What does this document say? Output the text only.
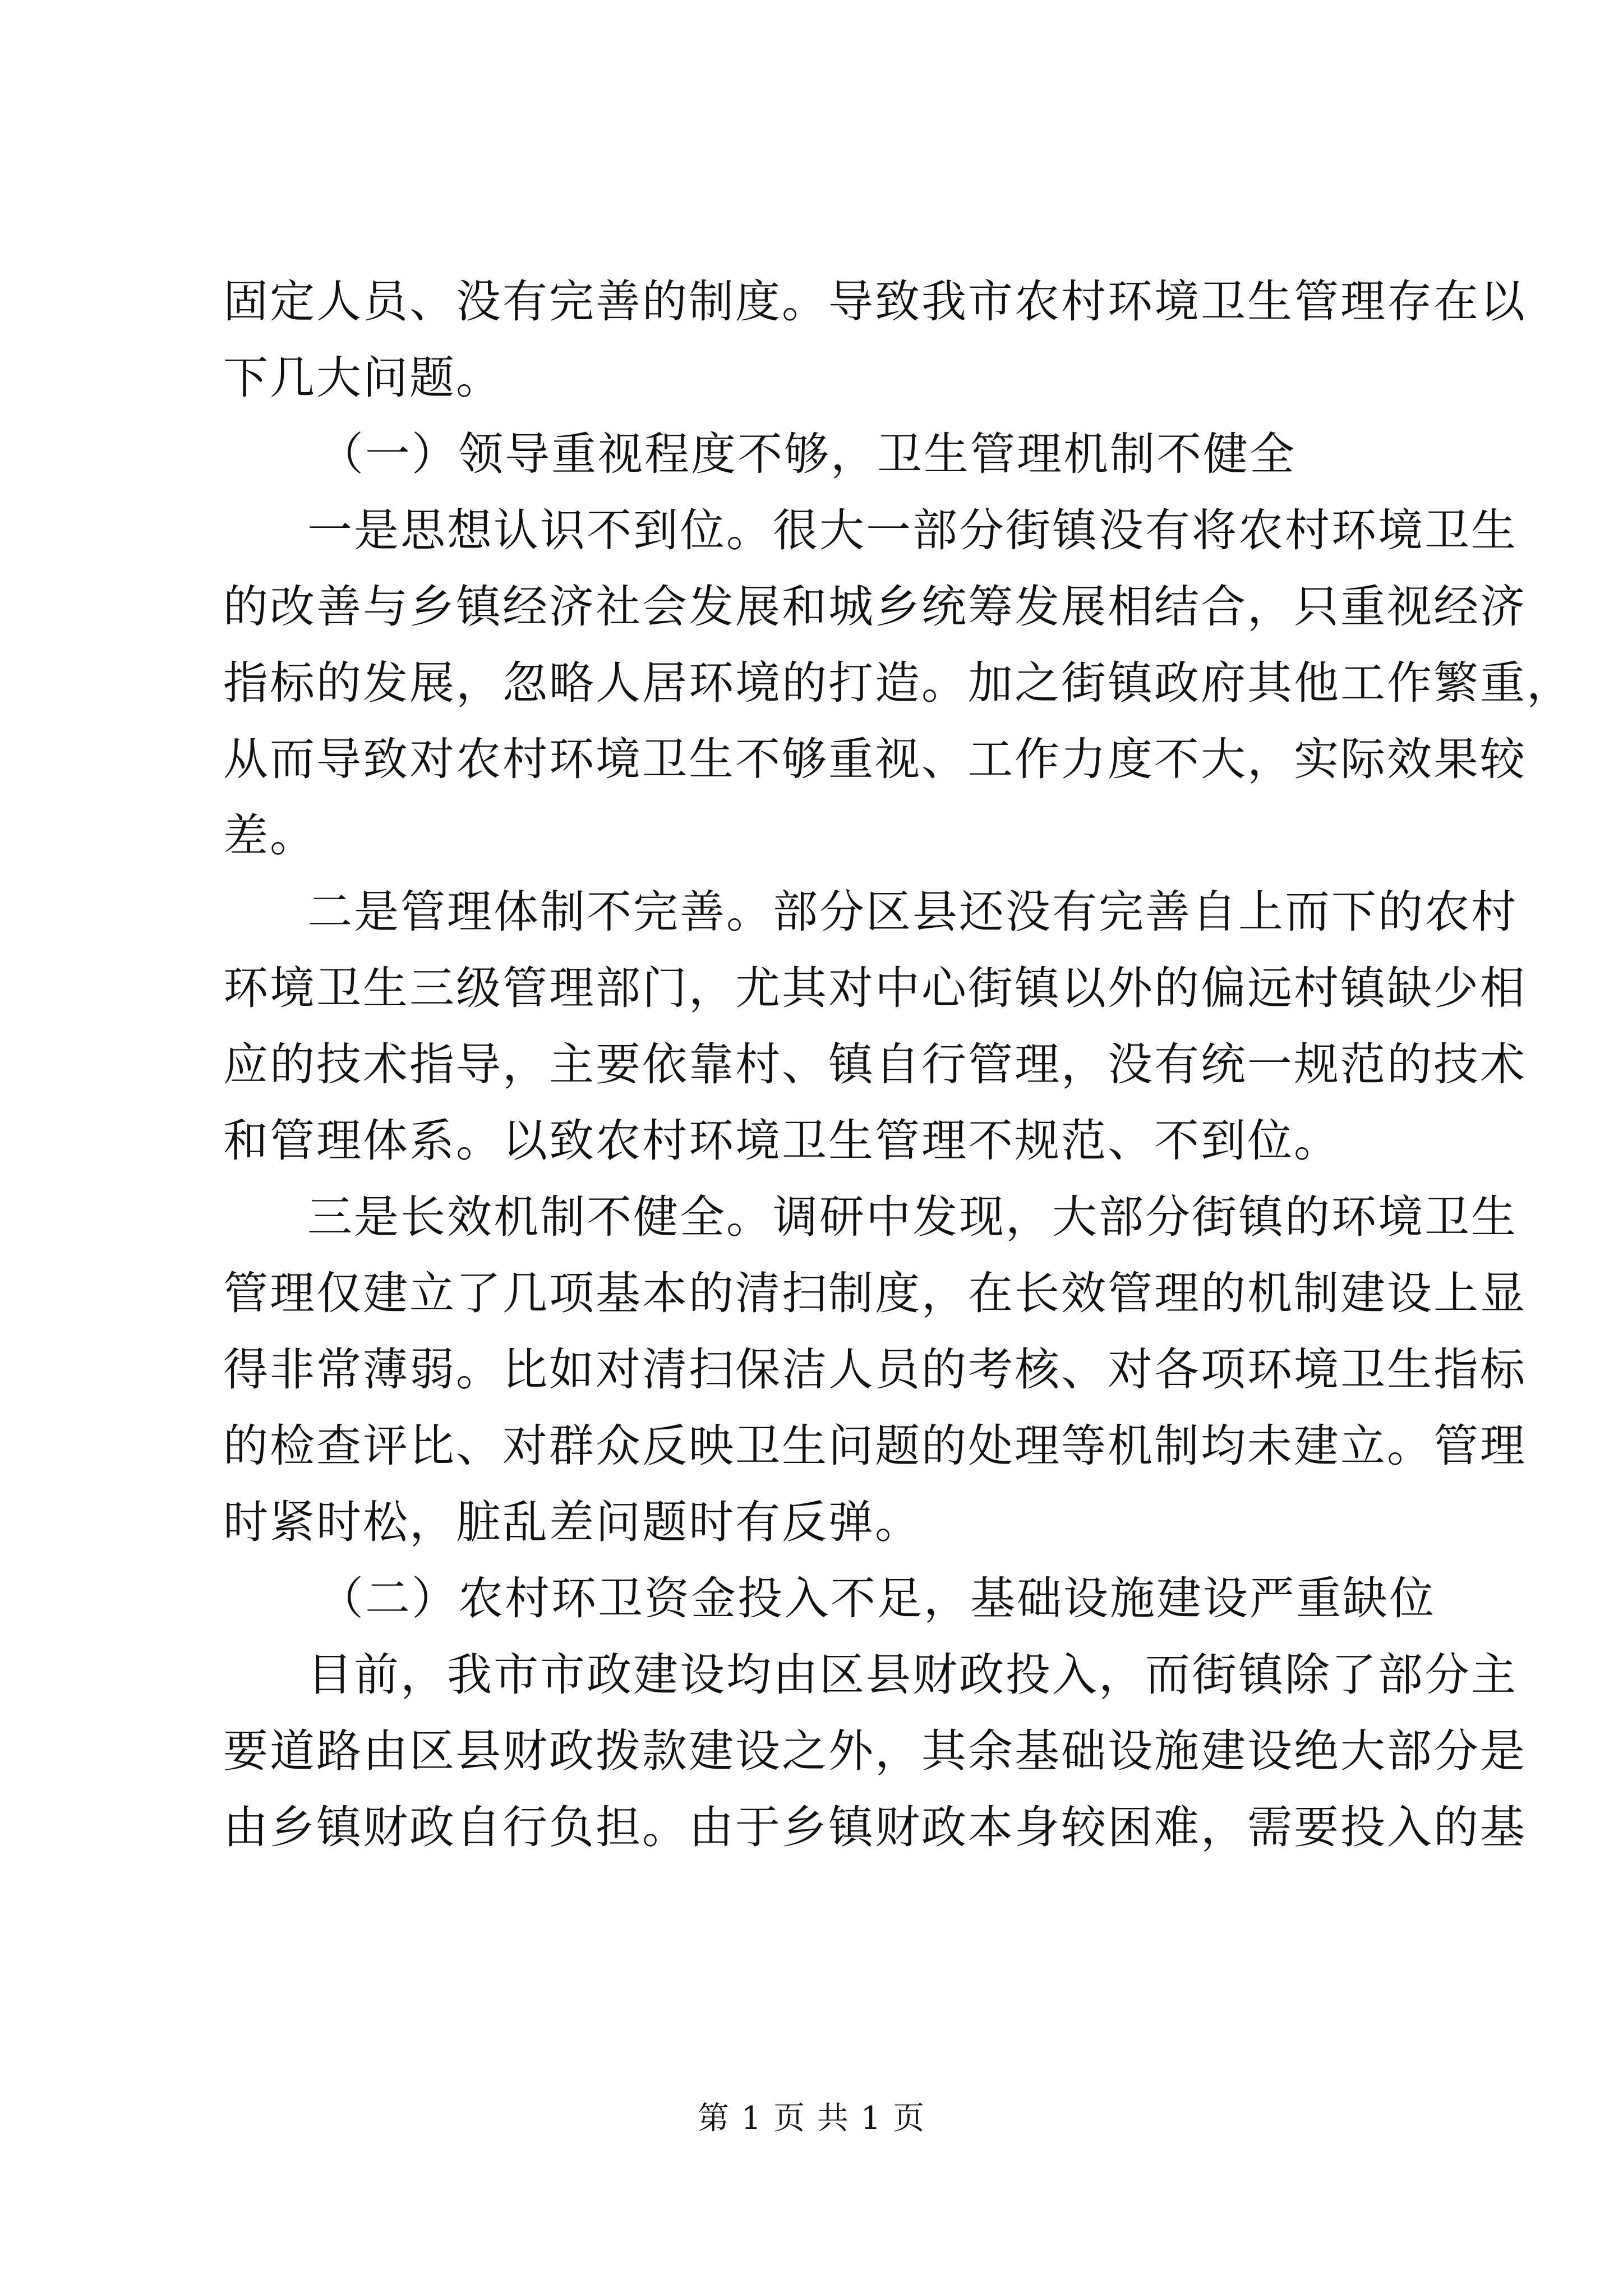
固定人员、没有完善的制度。导致我市农村环境卫生管理存在以
下几大问题。
（一）领导重视程度不够，卫生管理机制不健全
一是思想认识不到位。很大一部分街镇没有将农村环境卫生
的改善与乡镇经济社会发展和城乡统筹发展相结合，只重视经济
指标的发展，忽略人居环境的打造。加之街镇政府其他工作繁重，
从而导致对农村环境卫生不够重视、工作力度不大，实际效果较
差。
二是管理体制不完善。部分区县还没有完善自上而下的农村
环境卫生三级管理部门，尤其对中心街镇以外的偏远村镇缺少相
应的技术指导，主要依靠村、镇自行管理，没有统一规范的技术
和管理体系。以致农村环境卫生管理不规范、不到位。
三是长效机制不健全。调研中发现，大部分街镇的环境卫生
管理仅建立了几项基本的清扫制度，在长效管理的机制建设上显
得非常薄弱。比如对清扫保洁人员的考核、对各项环境卫生指标
的检查评比、对群众反映卫生问题的处理等机制均未建立。管理
时紧时松，脏乱差问题时有反弹。
（二）农村环卫资金投入不足，基础设施建设严重缺位
目前，我市市政建设均由区县财政投入，而街镇除了部分主
要道路由区县财政拨款建设之外，其余基础设施建设绝大部分是
由乡镇财政自行负担。由于乡镇财政本身较困难，需要投入的基
第 1 页 共 1 页
